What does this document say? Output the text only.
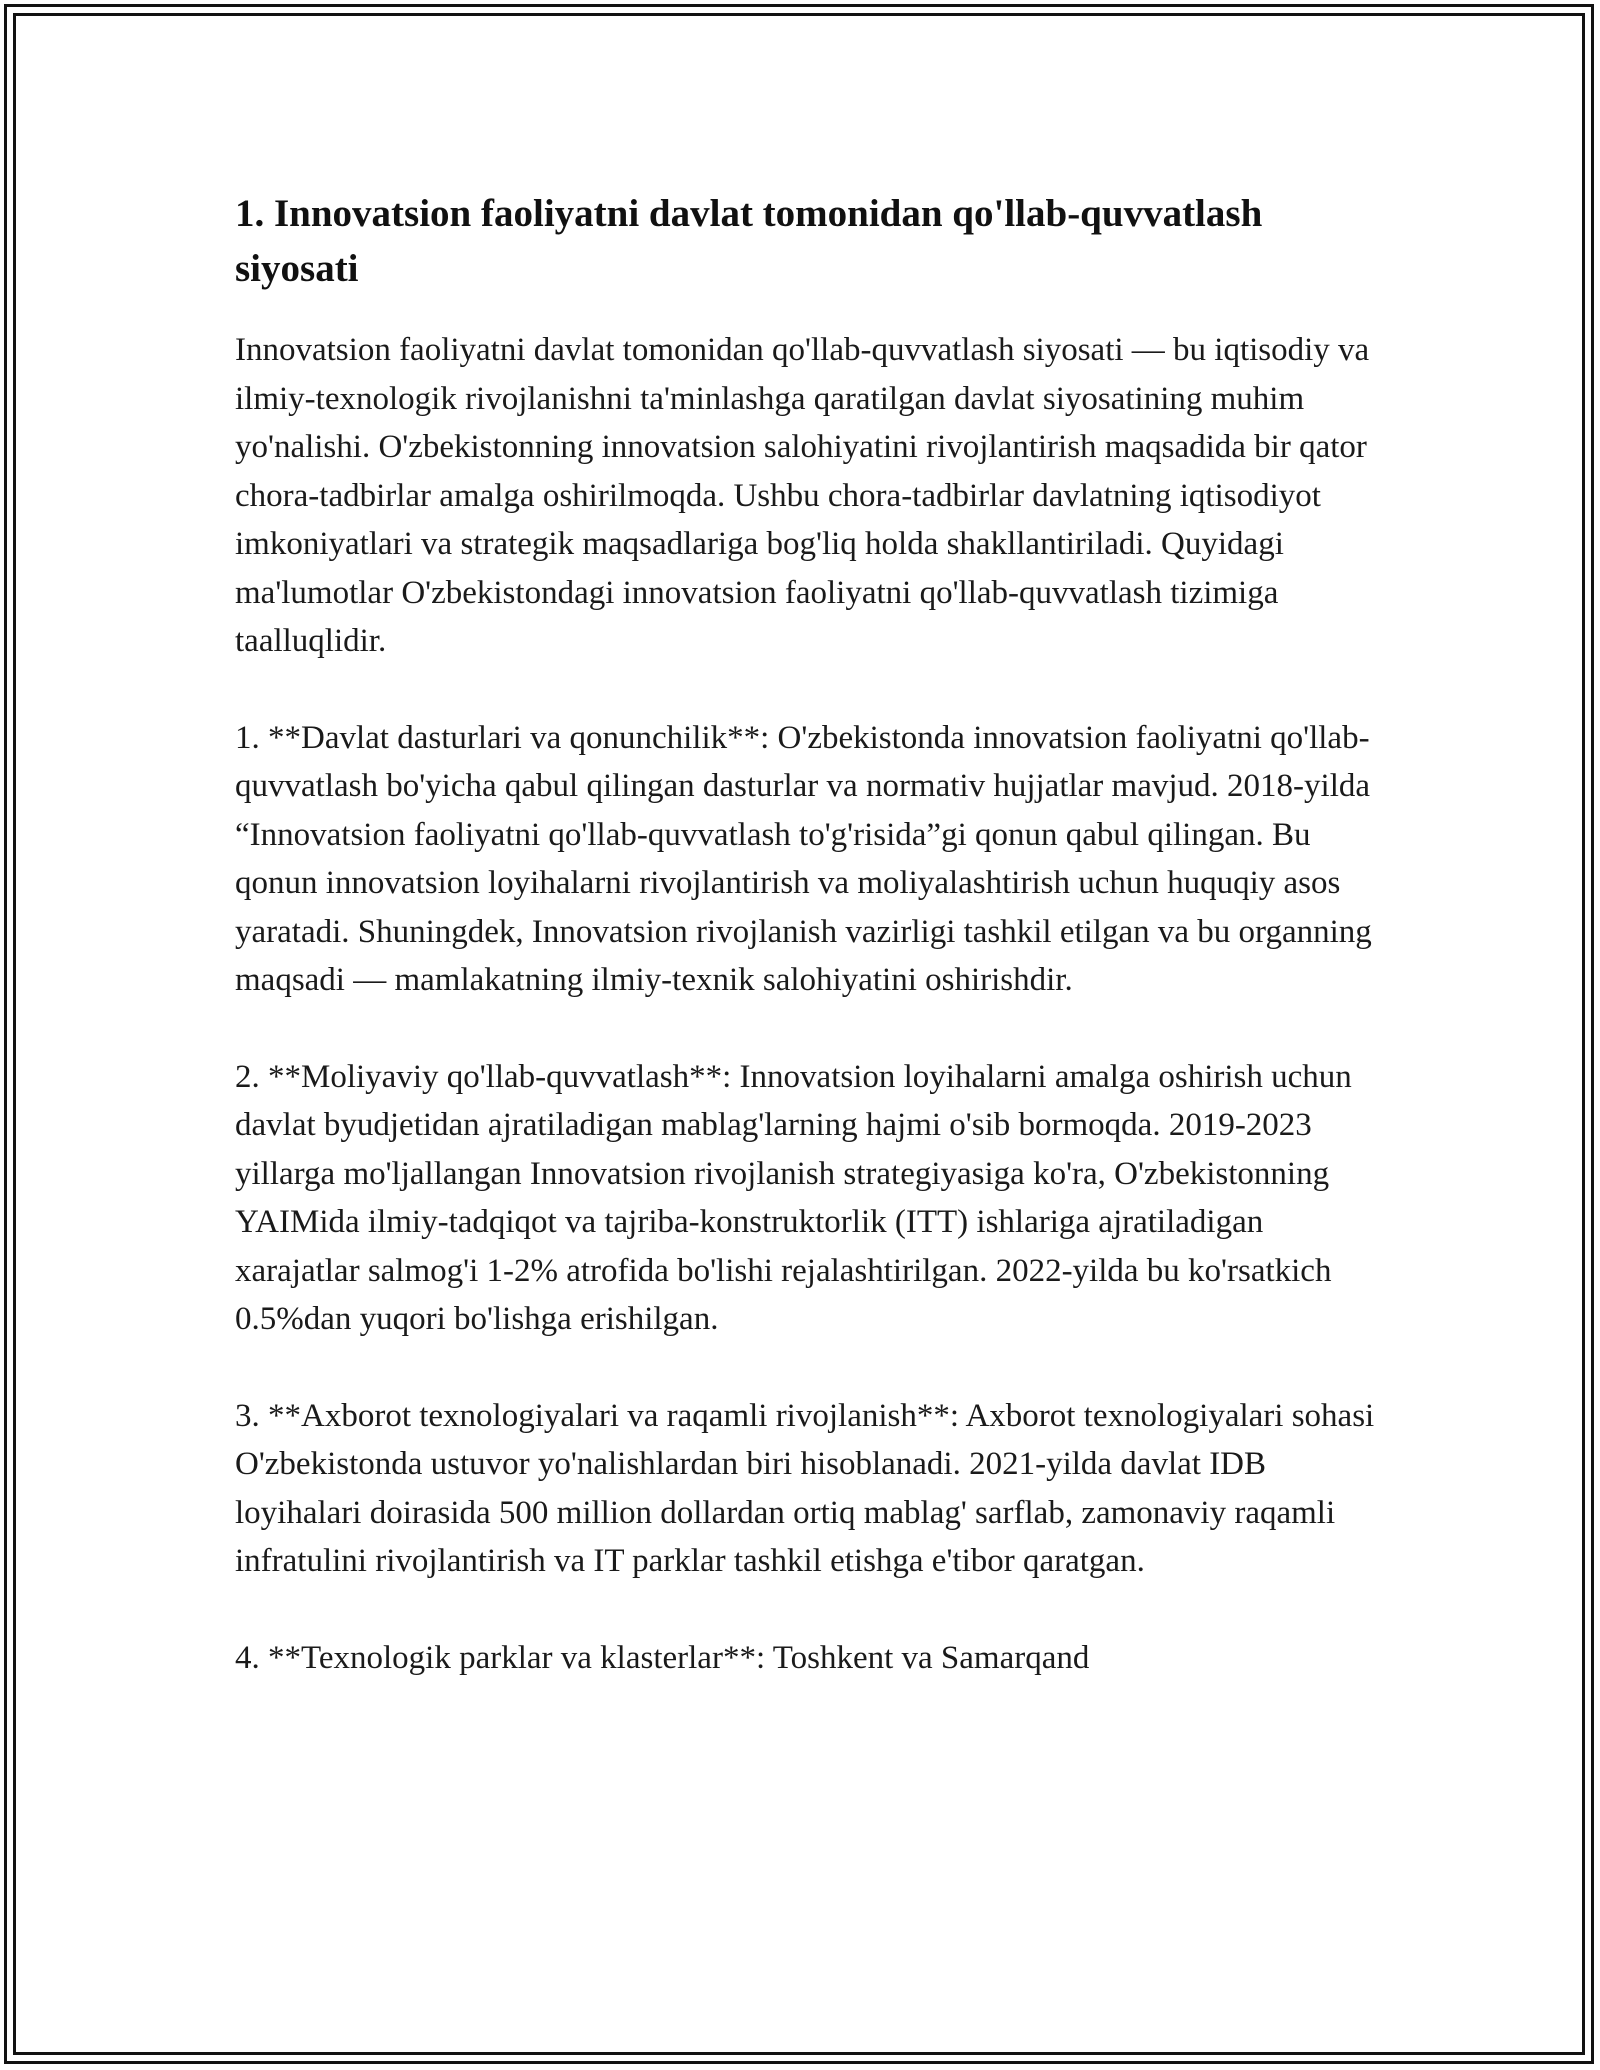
1. Innovatsion faoliyatni davlat tomonidan qo'llab-quvvatlash siyosati

Innovatsion faoliyatni davlat tomonidan qo'llab-quvvatlash siyosati — bu iqtisodiy va ilmiy-texnologik rivojlanishni ta'minlashga qaratilgan davlat siyosatining muhim yo'nalishi. O'zbekistonning innovatsion salohiyatini rivojlantirish maqsadida bir qator chora-tadbirlar amalga oshirilmoqda. Ushbu chora-tadbirlar davlatning iqtisodiyot imkoniyatlari va strategik maqsadlariga bog'liq holda shakllantiriladi. Quyidagi ma'lumotlar O'zbekistondagi innovatsion faoliyatni qo'llab-quvvatlash tizimiga taalluqlidir.

1. **Davlat dasturlari va qonunchilik**: O'zbekistonda innovatsion faoliyatni qo'llab-quvvatlash bo'yicha qabul qilingan dasturlar va normativ hujjatlar mavjud. 2018-yilda “Innovatsion faoliyatni qo'llab-quvvatlash to'g'risida”gi qonun qabul qilingan. Bu qonun innovatsion loyihalarni rivojlantirish va moliyalashtirish uchun huquqiy asos yaratadi. Shuningdek, Innovatsion rivojlanish vazirligi tashkil etilgan va bu organning maqsadi — mamlakatning ilmiy-texnik salohiyatini oshirishdir.

2. **Moliyaviy qo'llab-quvvatlash**: Innovatsion loyihalarni amalga oshirish uchun davlat byudjetidan ajratiladigan mablag'larning hajmi o'sib bormoqda. 2019-2023 yillarga mo'ljallangan Innovatsion rivojlanish strategiyasiga ko'ra, O'zbekistonning YAIMida ilmiy-tadqiqot va tajriba-konstruktorlik (ITT) ishlariga ajratiladigan xarajatlar salmog'i 1-2% atrofida bo'lishi rejalashtirilgan. 2022-yilda bu ko'rsatkich 0.5%dan yuqori bo'lishga erishilgan.

3. **Axborot texnologiyalari va raqamli rivojlanish**: Axborot texnologiyalari sohasi O'zbekistonda ustuvor yo'nalishlardan biri hisoblanadi. 2021-yilda davlat IDB loyihalari doirasida 500 million dollardan ortiq mablag' sarflab, zamonaviy raqamli infratulini rivojlantirish va IT parklar tashkil etishga e'tibor qaratgan.

4. **Texnologik parklar va klasterlar**: Toshkent va Samarqand
